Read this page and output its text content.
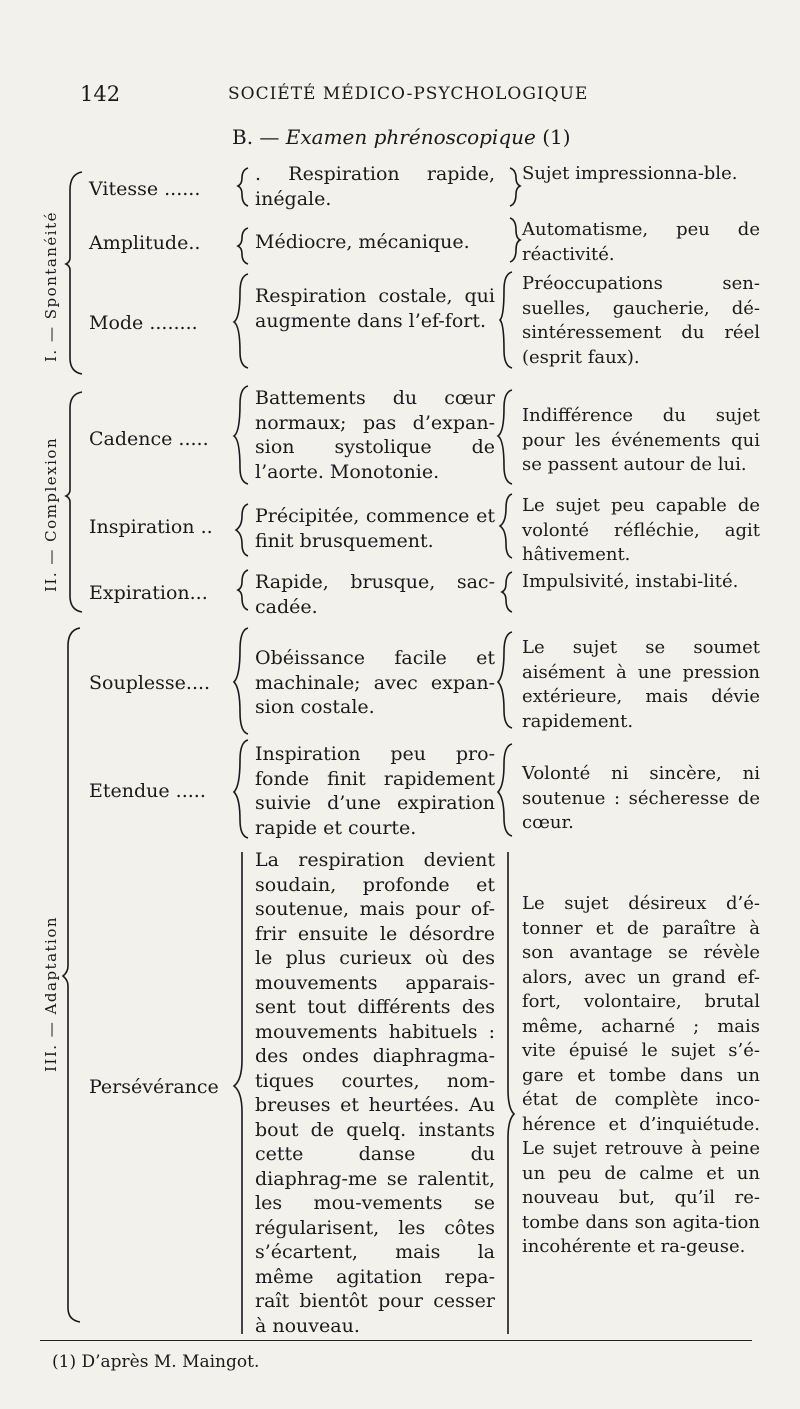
142	SOCIÉTÉ MÉDICO-PSYCHOLOGIQUE
B. — Examen phrénoscopique (1)
I. — Spontanéité
II. — Complexion
III. — Adaptation
Vitesse ......
Amplitude..
Mode ........
Cadence .....
Inspiration ..
Expiration...
Souplesse....
Etendue .....
Persévérance
. Respiration rapide, inégale.
Médiocre, mécanique.
Respiration costale, qui augmente dans l’ef-fort.
Battements du cœur normaux; pas d’expan-sion systolique de l’aorte. Monotonie.
Précipitée, commence et finit brusquement.
Rapide, brusque, sac-cadée.
Obéissance facile et machinale; avec expan-sion costale.
Inspiration peu pro-fonde finit rapidement suivie d’une expiration rapide et courte.
La respiration devient soudain, profonde et soutenue, mais pour of-frir ensuite le désordre le plus curieux où des mouvements apparais-sent tout différents des mouvements habituels : des ondes diaphragma-tiques courtes, nom-breuses et heurtées. Au bout de quelq. instants cette danse du diaphrag-me se ralentit, les mou-vements se régularisent, les côtes s’écartent, mais la même agitation repa-raît bientôt pour cesser à nouveau.
Sujet impressionna-ble.
Automatisme, peu de réactivité.
Préoccupations sen-suelles, gaucherie, dé-sintéressement du réel (esprit faux).
Indifférence du sujet pour les événements qui se passent autour de lui.
Le sujet peu capable de volonté réfléchie, agit hâtivement.
Impulsivité, instabi-lité.
Le sujet se soumet aisément à une pression extérieure, mais dévie rapidement.
Volonté ni sincère, ni soutenue : sécheresse de cœur.
Le sujet désireux d’é-tonner et de paraître à son avantage se révèle alors, avec un grand ef-fort, volontaire, brutal même, acharné ; mais vite épuisé le sujet s’é-gare et tombe dans un état de complète inco-hérence et d’inquiétude. Le sujet retrouve à peine un peu de calme et un nouveau but, qu’il re-tombe dans son agita-tion incohérente et ra-geuse.
(1) D’après M. Maingot.
